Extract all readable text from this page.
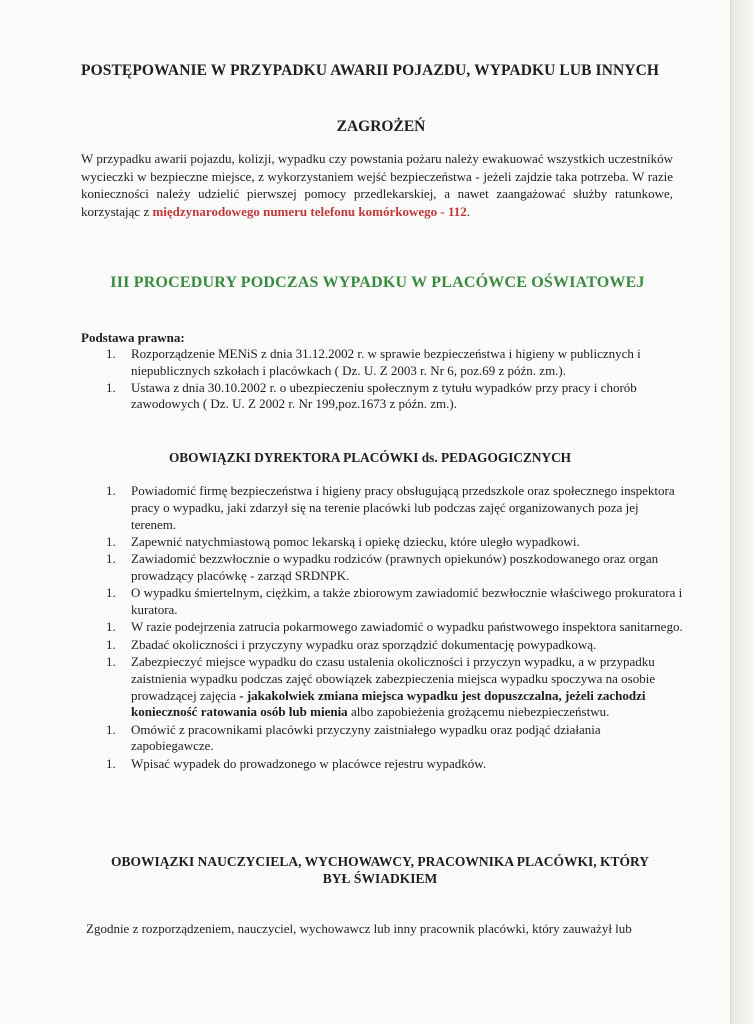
POSTĘPOWANIE W PRZYPADKU AWARII POJAZDU, WYPADKU LUB INNYCH
ZAGROŻEŃ

W przypadku awarii pojazdu, kolizji, wypadku czy powstania pożaru należy ewakuować wszystkich uczestników wycieczki w bezpieczne miejsce, z wykorzystaniem wejść bezpieczeństwa - jeżeli zajdzie taka potrzeba. W razie konieczności należy udzielić pierwszej pomocy przedlekarskiej, a nawet zaangażować służby ratunkowe, korzystając z międzynarodowego numeru telefonu komórkowego - 112.

III PROCEDURY PODCZAS WYPADKU W PLACÓWCE OŚWIATOWEJ
Podstawa prawna:
1. Rozporządzenie MENiS z dnia 31.12.2002 r. w sprawie bezpieczeństwa i higieny w publicznych i niepublicznych szkołach i placówkach ( Dz. U. Z 2003 r. Nr 6, poz.69 z późn. zm.).
1. Ustawa z dnia 30.10.2002 r. o ubezpieczeniu społecznym z tytułu wypadków przy pracy i chorób zawodowych ( Dz. U. Z 2002 r. Nr 199,poz.1673 z późn. zm.).
OBOWIĄZKI DYREKTORA PLACÓWKI ds. PEDAGOGICZNYCH
1. Powiadomić firmę bezpieczeństwa i higieny pracy obsługującą przedszkole oraz społecznego inspektora pracy o wypadku, jaki zdarzył się na terenie placówki lub podczas zajęć organizowanych poza jej terenem.
1. Zapewnić natychmiastową pomoc lekarską i opiekę dziecku, które uległo wypadkowi.
1. Zawiadomić bezzwłocznie o wypadku rodziców (prawnych opiekunów) poszkodowanego oraz organ prowadzący placówkę - zarząd SRDNPK.
1. O wypadku śmiertelnym, ciężkim, a także zbiorowym zawiadomić bezwłocznie właściwego prokuratora i kuratora.
1. W razie podejrzenia zatrucia pokarmowego zawiadomić o wypadku państwowego inspektora sanitarnego.
1. Zbadać okoliczności i przyczyny wypadku oraz sporządzić dokumentację powypadkową.
1. Zabezpieczyć miejsce wypadku do czasu ustalenia okoliczności i przyczyn wypadku, a w przypadku zaistnienia wypadku podczas zajęć obowiązek zabezpieczenia miejsca wypadku spoczywa na osobie prowadzącej zajęcia - jakakolwiek zmiana miejsca wypadku jest dopuszczalna, jeżeli zachodzi konieczność ratowania osób lub mienia albo zapobieżenia grożącemu niebezpieczeństwu.
1. Omówić z pracownikami placówki przyczyny zaistniałego wypadku oraz podjąć działania zapobiegawcze.
1. Wpisać wypadek do prowadzonego w placówce rejestru wypadków.
OBOWIĄZKI NAUCZYCIELA, WYCHOWAWCY, PRACOWNIKA PLACÓWKI, KTÓRY
BYŁ ŚWIADKIEM

Zgodnie z rozporządzeniem, nauczyciel, wychowawcz lub inny pracownik placówki, który zauważył lub
